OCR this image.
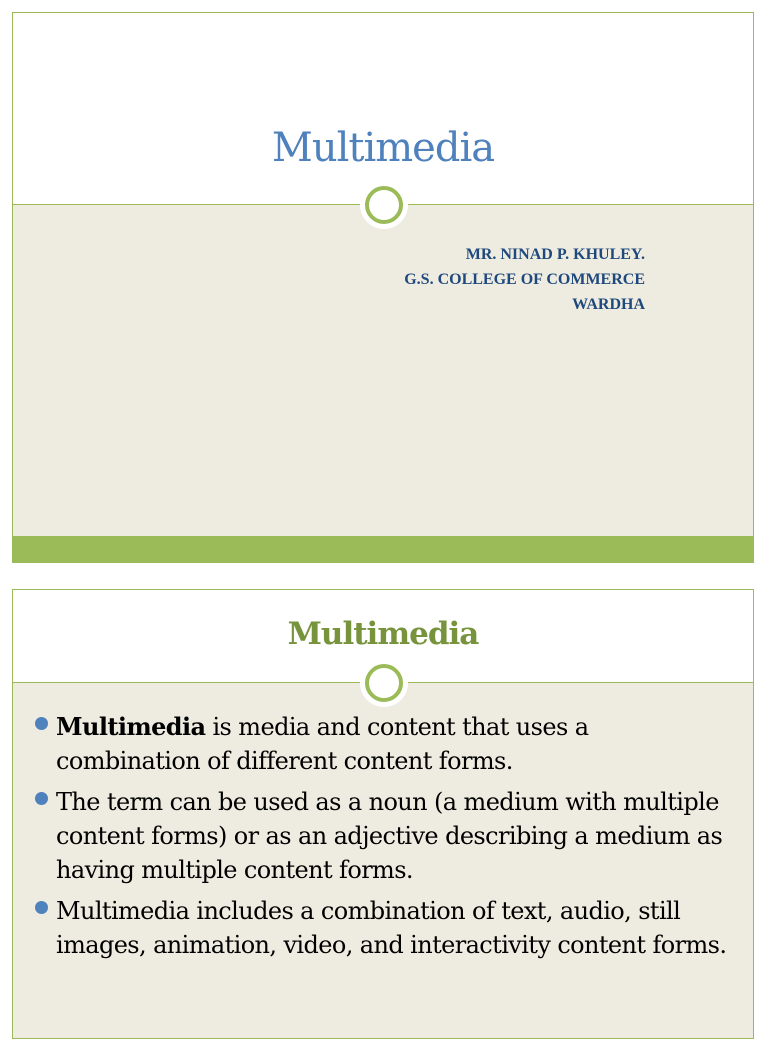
Multimedia
MR. NINAD P. KHULEY.
G.S. COLLEGE OF COMMERCE
WARDHA
Multimedia
Multimedia is media and content that uses a combination of different content forms.
The term can be used as a noun (a medium with multiple content forms) or as an adjective describing a medium as having multiple content forms.
Multimedia includes a combination of text, audio, still images, animation, video, and interactivity content forms.
